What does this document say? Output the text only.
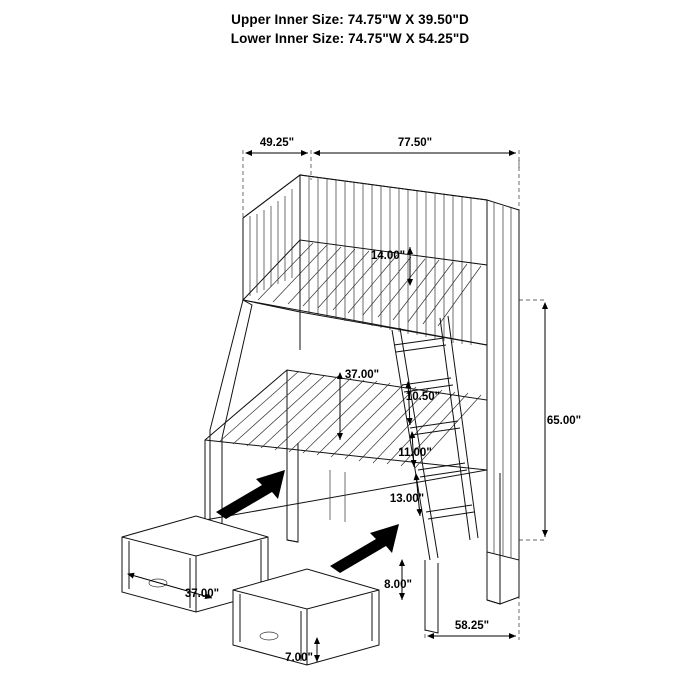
Upper Inner Size: 74.75"W X 39.50"D
Lower Inner Size: 74.75"W X 54.25"D
49.25"	77.50"
14.00"
37.00"
10.50"
11.00"
13.00"
65.00"
8.00"
58.25"
37.00"
7.00"
